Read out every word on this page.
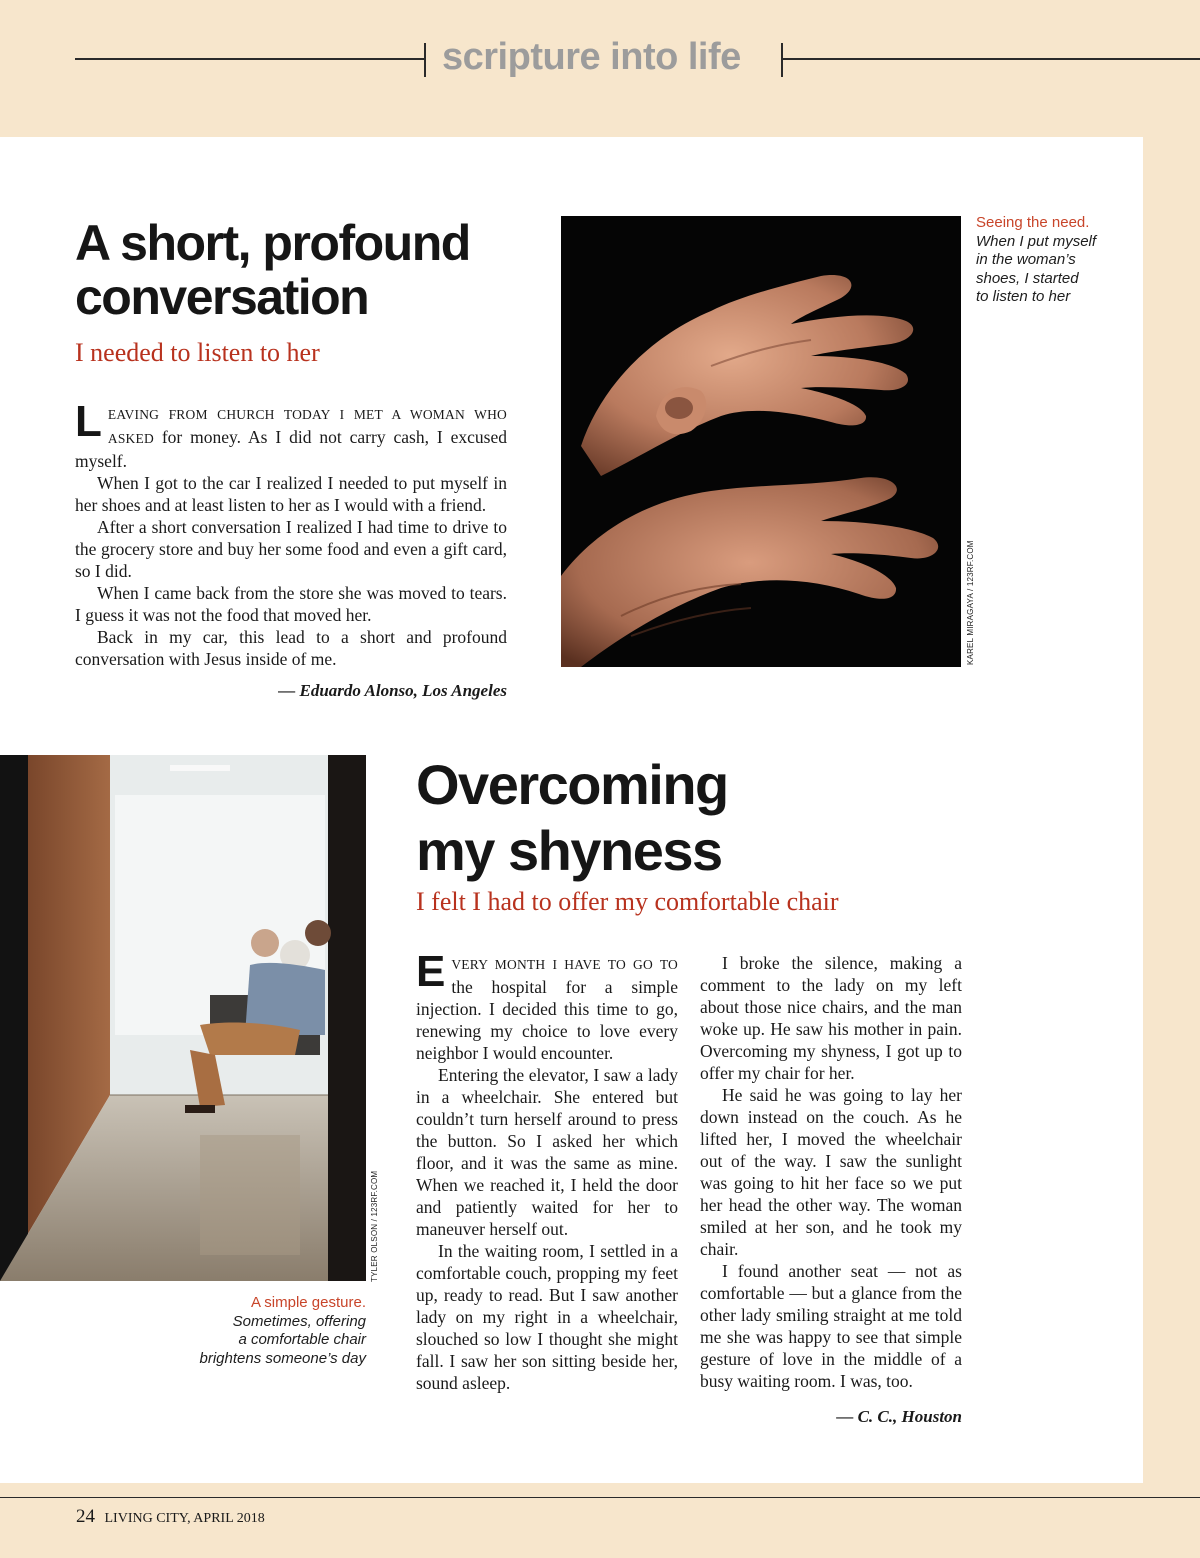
scripture into life
A short, profound
conversation

I needed to listen to her

LEAVING FROM CHURCH TODAY I MET A WOMAN WHO ASKED for money. As I did not carry cash, I excused myself.

When I got to the car I realized I needed to put myself in her shoes and at least listen to her as I would with a friend.

After a short conversation I realized I had time to drive to the grocery store and buy her some food and even a gift card, so I did.

When I came back from the store she was moved to tears. I guess it was not the food that moved her.

Back in my car, this lead to a short and profound conversation with Jesus inside of me.

— Eduardo Alonso, Los Angeles

KAREL MIRAGAYA / 123RF.COM
Seeing the need.
When I put myself
in the woman’s
shoes, I started
to listen to her
TYLER OLSON / 123RF.COM
A simple gesture.
Sometimes, offering
a comfortable chair
brightens someone’s day
Overcoming
my shyness

I felt I had to offer my comfortable chair

EVERY MONTH I HAVE TO GO TO the hospital for a simple injection. I decided this time to go, renewing my choice to love every neighbor I would encounter.

Entering the elevator, I saw a lady in a wheelchair. She entered but couldn’t turn herself around to press the button. So I asked her which floor, and it was the same as mine. When we reached it, I held the door and patiently waited for her to maneuver herself out.

In the waiting room, I settled in a comfortable couch, propping my feet up, ready to read. But I saw another lady on my right in a wheelchair, slouched so low I thought she might fall. I saw her son sitting beside her, sound asleep.

I broke the silence, making a comment to the lady on my left about those nice chairs, and the man woke up. He saw his mother in pain. Overcoming my shyness, I got up to offer my chair for her.

He said he was going to lay her down instead on the couch. As he lifted her, I moved the wheelchair out of the way. I saw the sunlight was going to hit her face so we put her head the other way. The woman smiled at her son, and he took my chair.

I found another seat — not as comfortable — but a glance from the other lady smiling straight at me told me she was happy to see that simple gesture of love in the middle of a busy waiting room. I was, too.

— C. C., Houston

24 LIVING CITY, APRIL 2018
